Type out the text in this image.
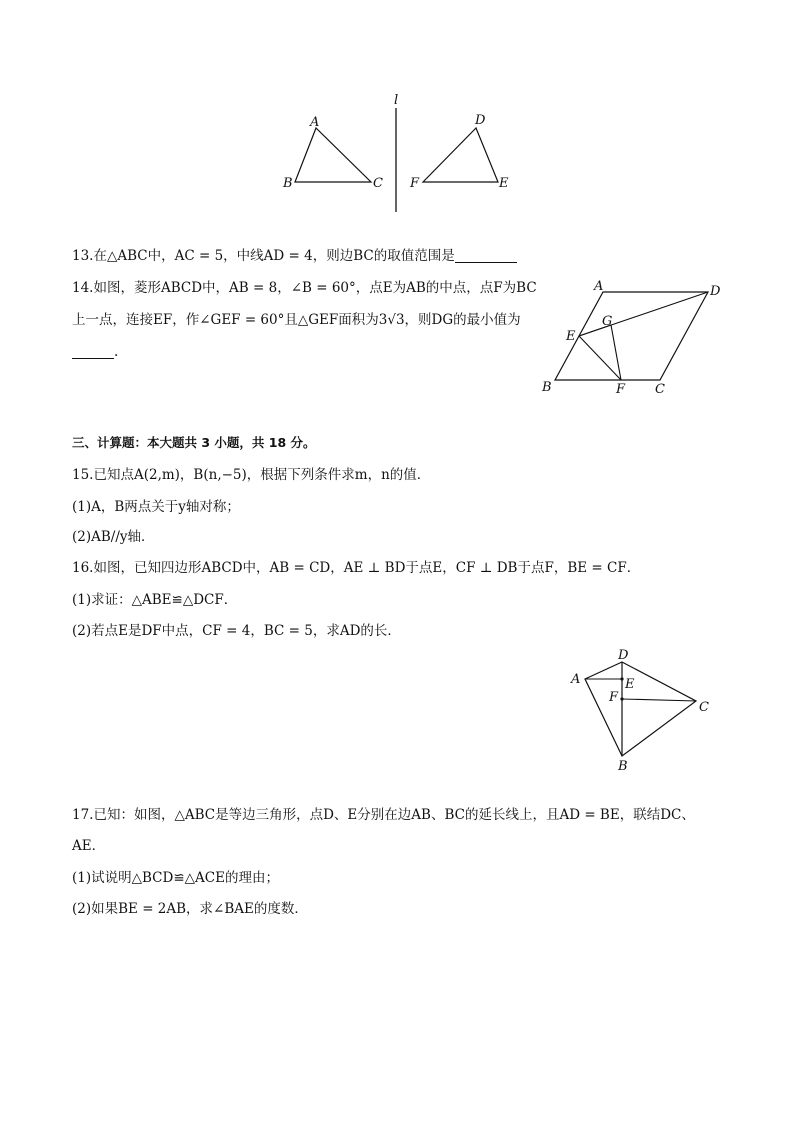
l
A
B	C
D
F	E
13.在△ABC中，AC = 5，中线AD = 4，则边BC的取值范围是
14.如图，菱形ABCD中，AB = 8，∠B = 60°，点E为AB的中点，点F为BC
上一点，连接EF，作∠GEF = 60°且△GEF面积为3√3，则DG的最小值为
.
A	D
G
E
B	F C
三、计算题：本大题共 3 小题，共 18 分。
15.已知点A(2,m)，B(n,−5)，根据下列条件求m，n的值．
(1)A，B两点关于y轴对称；
(2)AB//y轴．
16.如图，已知四边形ABCD中，AB = CD，AE ⊥ BD于点E，CF ⊥ DB于点F，BE = CF．
(1)求证：△ABE≌△DCF．
(2)若点E是DF中点，CF = 4，BC = 5，求AD的长．
D
A	E
F
C
B
17.已知：如图，△ABC是等边三角形，点D、E分别在边AB、BC的延长线上，且AD = BE，联结DC、
AE．
(1)试说明△BCD≌△ACE的理由；
(2)如果BE = 2AB，求∠BAE的度数．
